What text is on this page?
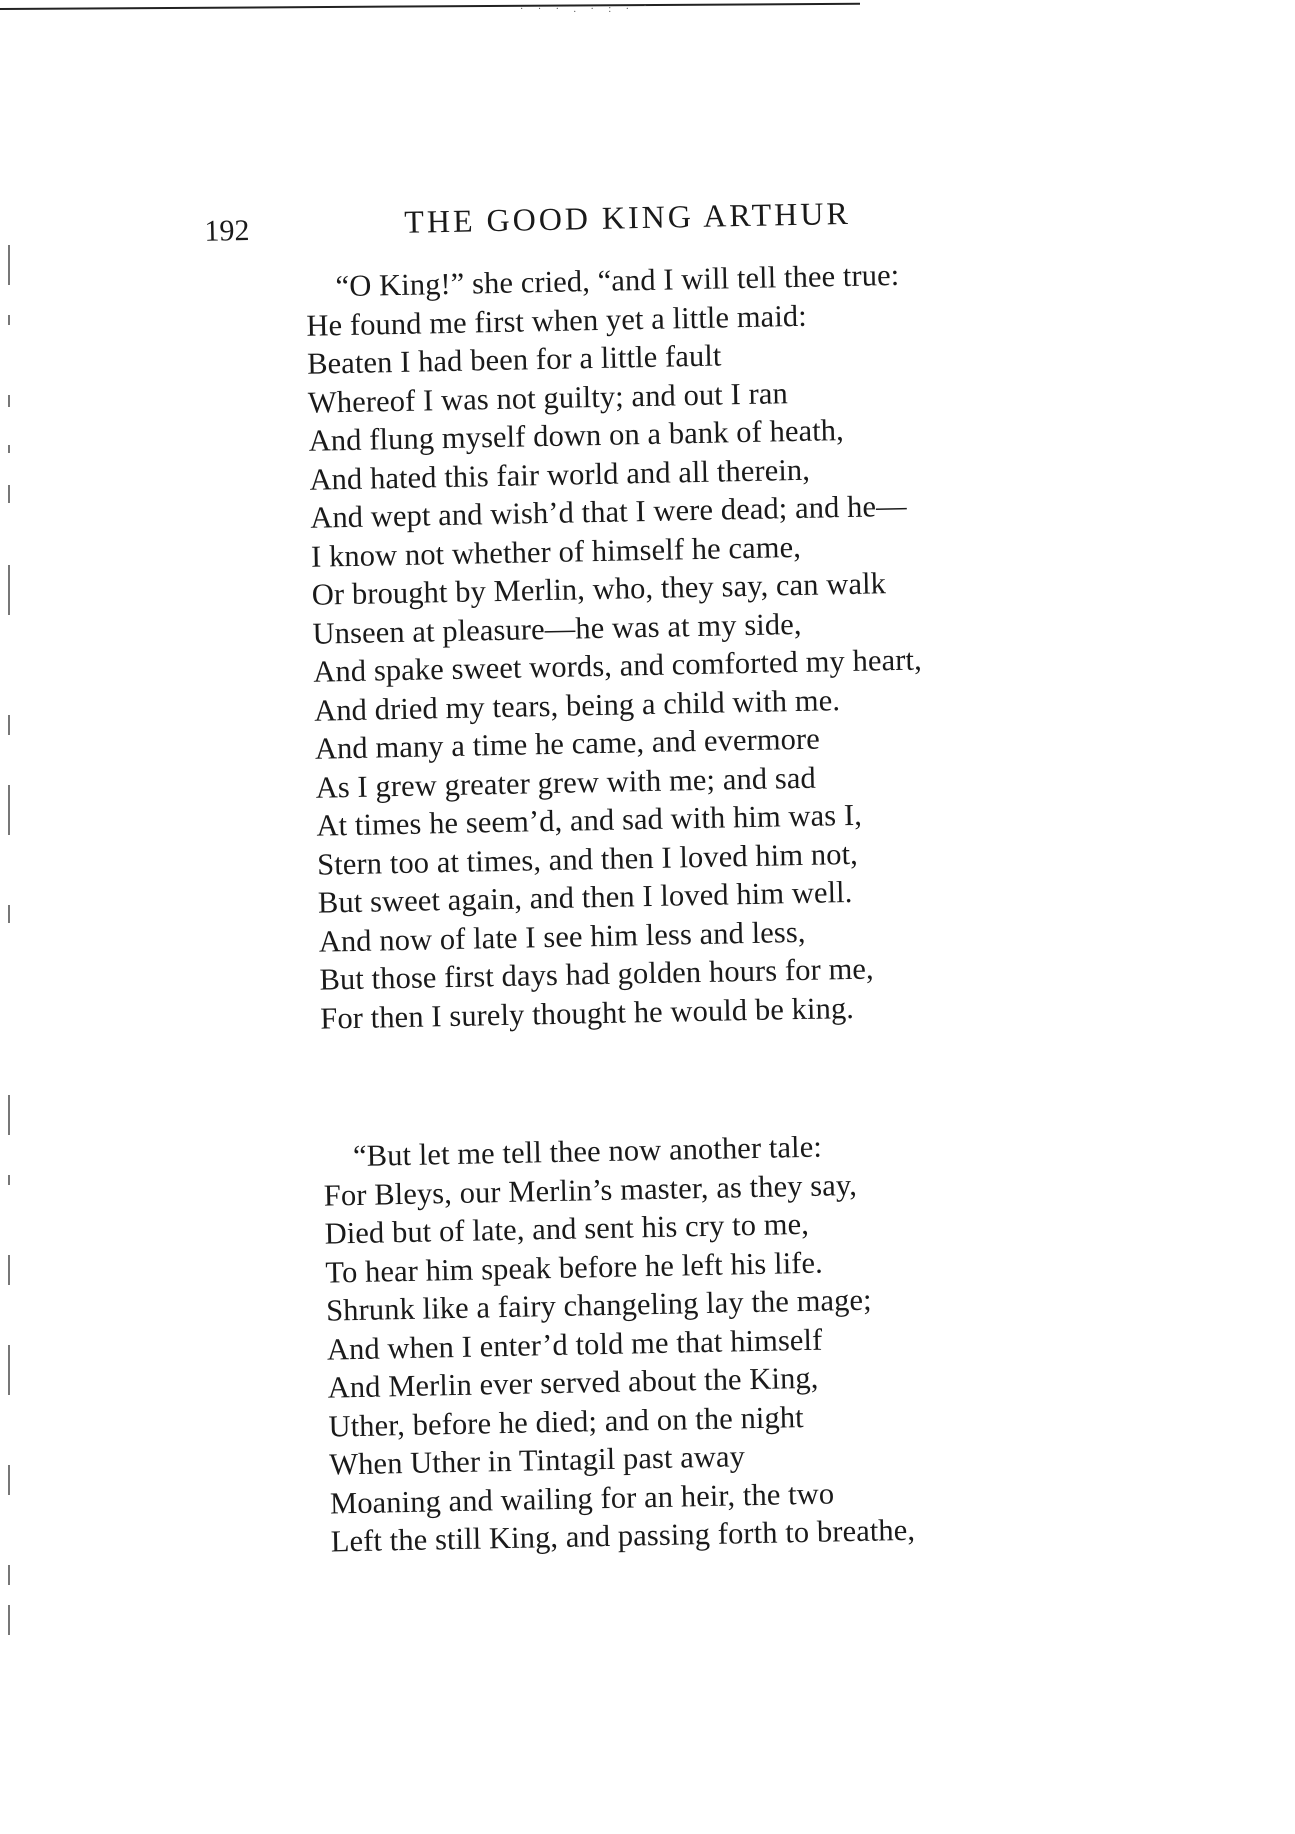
· · · . · : · ˙
192	THE GOOD KING ARTHUR
“O King!” she cried, “and I will tell thee true:
He found me first when yet a little maid:
Beaten I had been for a little fault
Whereof I was not guilty; and out I ran
And flung myself down on a bank of heath,
And hated this fair world and all therein,
And wept and wish’d that I were dead; and he—
I know not whether of himself he came,
Or brought by Merlin, who, they say, can walk
Unseen at pleasure—he was at my side,
And spake sweet words, and comforted my heart,
And dried my tears, being a child with me.
And many a time he came, and evermore
As I grew greater grew with me; and sad
At times he seem’d, and sad with him was I,
Stern too at times, and then I loved him not,
But sweet again, and then I loved him well.
And now of late I see him less and less,
But those first days had golden hours for me,
For then I surely thought he would be king.
“But let me tell thee now another tale:
For Bleys, our Merlin’s master, as they say,
Died but of late, and sent his cry to me,
To hear him speak before he left his life.
Shrunk like a fairy changeling lay the mage;
And when I enter’d told me that himself
And Merlin ever served about the King,
Uther, before he died; and on the night
When Uther in Tintagil past away
Moaning and wailing for an heir, the two
Left the still King, and passing forth to breathe,
